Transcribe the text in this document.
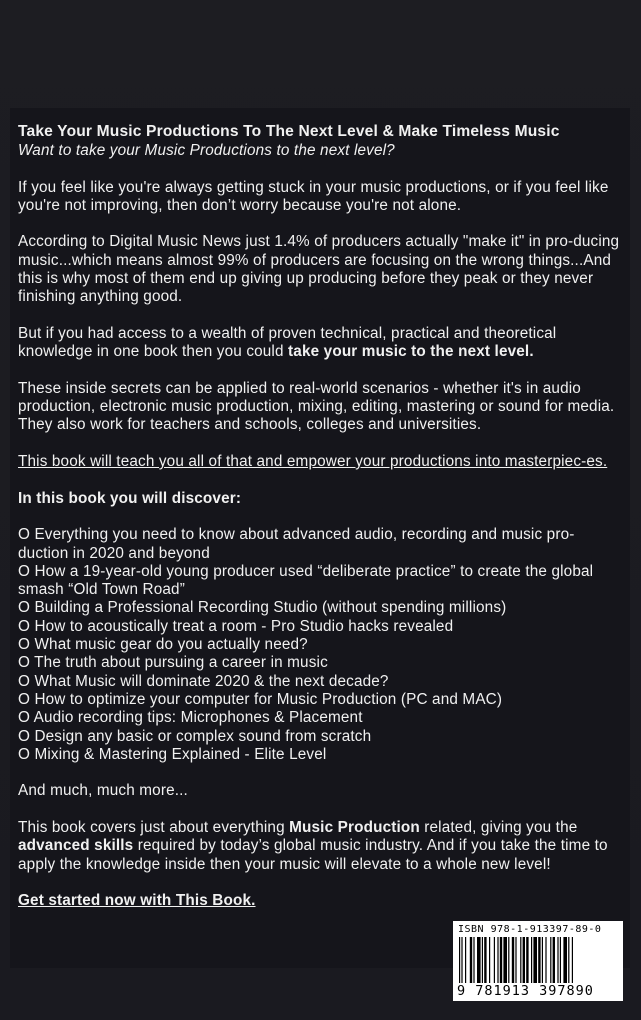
Take Your Music Productions To The Next Level & Make Timeless Music

Want to take your Music Productions to the next level?

If you feel like you're always getting stuck in your music productions, or if you feel like you're not improving, then don’t worry because you're not alone.

According to Digital Music News just 1.4% of producers actually "make it" in pro-ducing music...which means almost 99% of producers are focusing on the wrong things...And this is why most of them end up giving up producing before they peak or they never finishing anything good.

But if you had access to a wealth of proven technical, practical and theoretical knowledge in one book then you could take your music to the next level.

These inside secrets can be applied to real-world scenarios - whether it's in audio production, electronic music production, mixing, editing, mastering or sound for media. They also work for teachers and schools, colleges and universities.

This book will teach you all of that and empower your productions into masterpiec-es.

In this book you will discover:

O Everything you need to know about advanced audio, recording and music pro-duction in 2020 and beyond
O How a 19-year-old young producer used “deliberate practice” to create the global smash “Old Town Road”
O Building a Professional Recording Studio (without spending millions)
O How to acoustically treat a room - Pro Studio hacks revealed
O What music gear do you actually need?
O The truth about pursuing a career in music
O What Music will dominate 2020 & the next decade?
O How to optimize your computer for Music Production (PC and MAC)
O Audio recording tips: Microphones & Placement
O Design any basic or complex sound from scratch
O Mixing & Mastering Explained - Elite Level

And much, much more...

This book covers just about everything Music Production related, giving you the advanced skills required by today’s global music industry. And if you take the time to apply the knowledge inside then your music will elevate to a whole new level!

Get started now with This Book.

ISBN 978-1-913397-89-0
9 781913 397890
